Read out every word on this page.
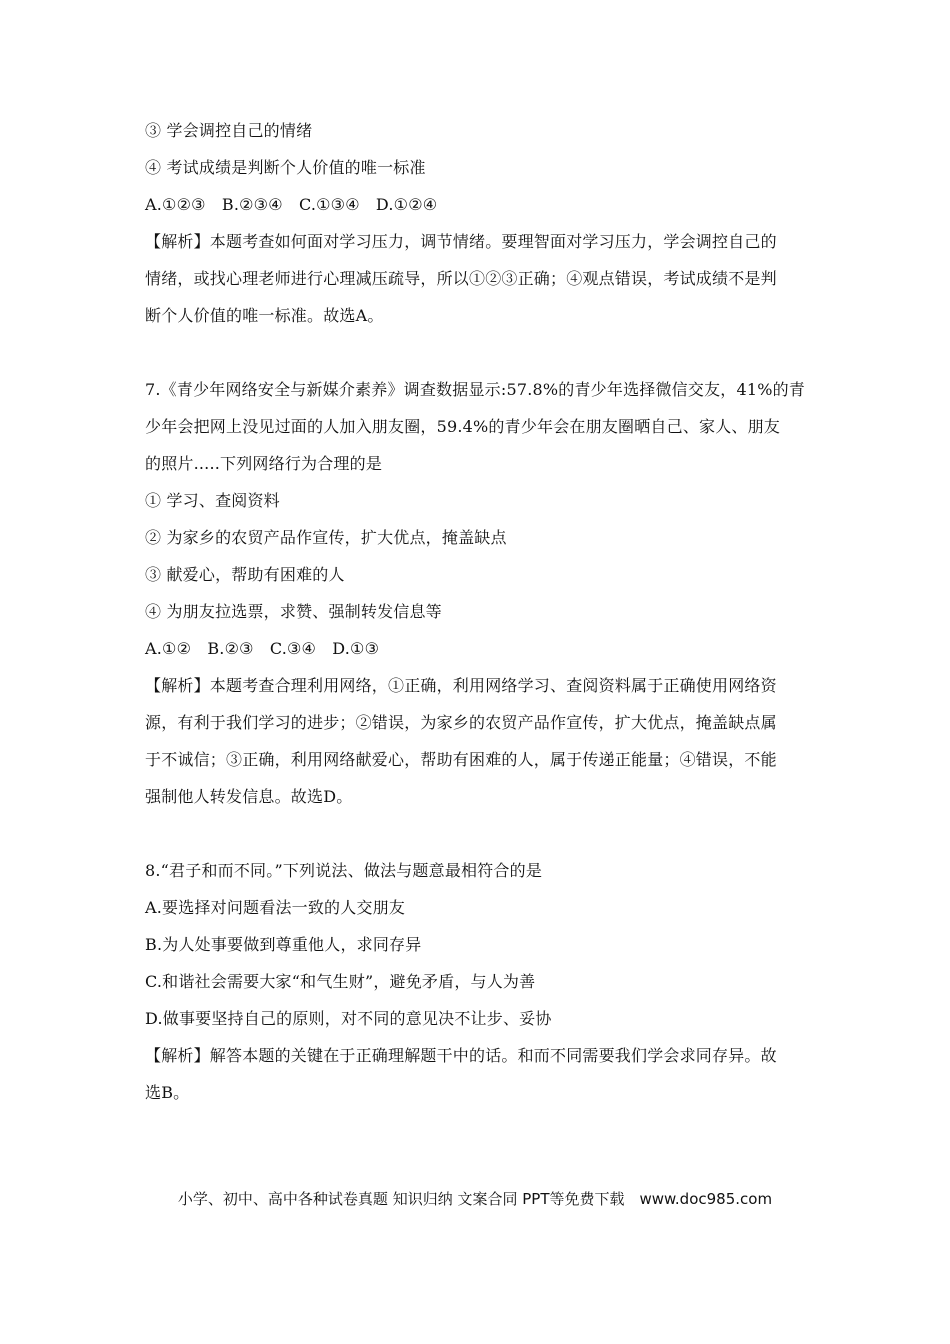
③ 学会调控自己的情绪
④ 考试成绩是判断个人价值的唯一标准
A.①②③　B.②③④　C.①③④　D.①②④
【解析】本题考查如何面对学习压力，调节情绪。要理智面对学习压力，学会调控自己的
情绪，或找心理老师进行心理减压疏导，所以①②③正确；④观点错误，考试成绩不是判
断个人价值的唯一标准。故选A。
7.《青少年网络安全与新媒介素养》调查数据显示:57.8%的青少年选择微信交友，41%的青
少年会把网上没见过面的人加入朋友圈，59.4%的青少年会在朋友圈晒自己、家人、朋友
的照片.....下列网络行为合理的是
① 学习、查阅资料
② 为家乡的农贸产品作宣传，扩大优点，掩盖缺点
③ 献爱心，帮助有困难的人
④ 为朋友拉选票，求赞、强制转发信息等
A.①②　B.②③　C.③④　D.①③
【解析】本题考查合理利用网络，①正确，利用网络学习、查阅资料属于正确使用网络资
源，有利于我们学习的进步；②错误，为家乡的农贸产品作宣传，扩大优点，掩盖缺点属
于不诚信；③正确，利用网络献爱心，帮助有困难的人，属于传递正能量；④错误，不能
强制他人转发信息。故选D。
8.“君子和而不同。”下列说法、做法与题意最相符合的是
A.要选择对问题看法一致的人交朋友
B.为人处事要做到尊重他人，求同存异
C.和谐社会需要大家“和气生财”，避免矛盾，与人为善
D.做事要坚持自己的原则，对不同的意见决不让步、妥协
【解析】解答本题的关键在于正确理解题干中的话。和而不同需要我们学会求同存异。故
选B。
小学、初中、高中各种试卷真题 知识归纳 文案合同 PPT等免费下载　www.doc985.com
